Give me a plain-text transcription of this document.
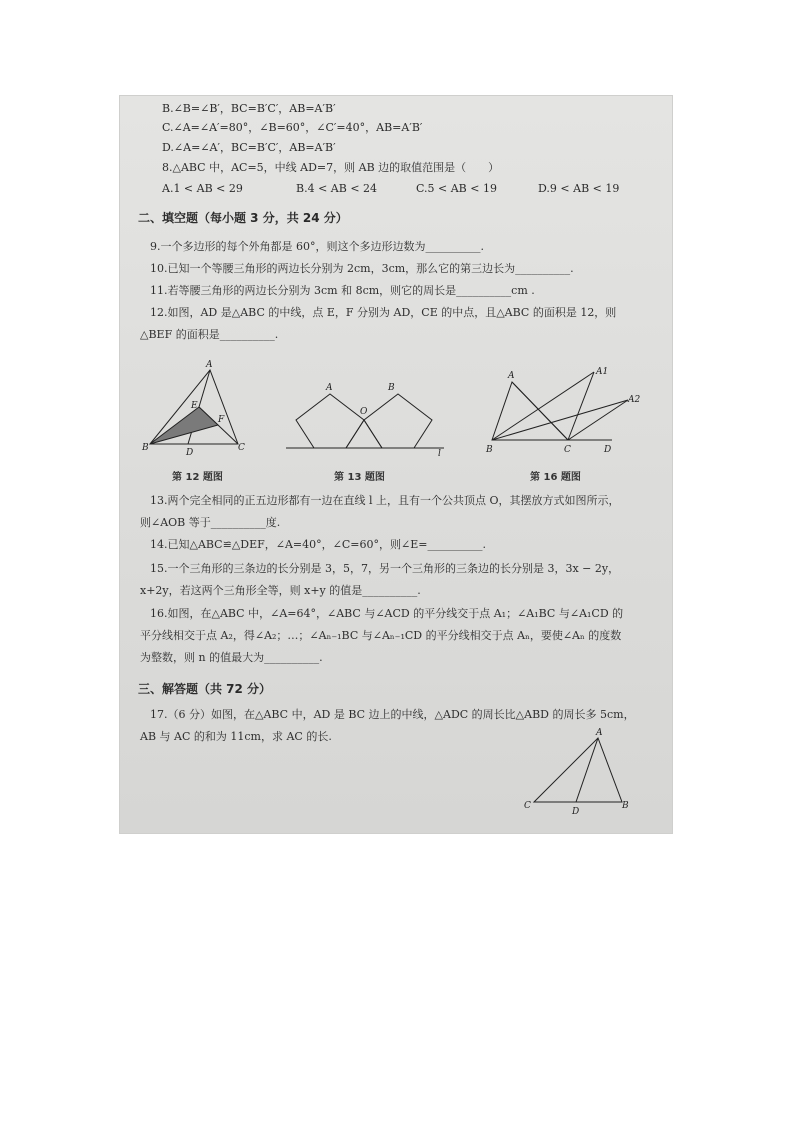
B.∠B=∠B′，BC=B′C′，AB=A′B′
C.∠A=∠A′=80°，∠B=60°，∠C′=40°，AB=A′B′
D.∠A=∠A′，BC=B′C′，AB=A′B′
8.△ABC 中，AC=5，中线 AD=7，则 AB 边的取值范围是（　　）
A.1 < AB < 29	B.4 < AB < 24	C.5 < AB < 19	D.9 < AB < 19
二、填空题（每小题 3 分，共 24 分）
9.一个多边形的每个外角都是 60°，则这个多边形边数为__________.
10.已知一个等腰三角形的两边长分别为 2cm，3cm，那么它的第三边长为__________.
11.若等腰三角形的两边长分别为 3cm 和 8cm，则它的周长是__________cm .
12.如图，AD 是△ABC 的中线，点 E，F 分别为 AD，CE 的中点，且△ABC 的面积是 12，则
△BEF 的面积是__________.
A
B	C
D
E
F
第 12 题图
A	B
O
l
第 13 题图
A	A1
A2
B	C	D
第 16 题图
13.两个完全相同的正五边形都有一边在直线 l 上，且有一个公共顶点 O，其摆放方式如图所示，
则∠AOB 等于__________度.
14.已知△ABC≌△DEF，∠A=40°，∠C=60°，则∠E=__________.
15.一个三角形的三条边的长分别是 3，5，7，另一个三角形的三条边的长分别是 3，3x − 2y，
x+2y，若这两个三角形全等，则 x+y 的值是__________.
16.如图，在△ABC 中，∠A=64°，∠ABC 与∠ACD 的平分线交于点 A₁；∠A₁BC 与∠A₁CD 的
平分线相交于点 A₂，得∠A₂；…；∠Aₙ₋₁BC 与∠Aₙ₋₁CD 的平分线相交于点 Aₙ，要使∠Aₙ 的度数
为整数，则 n 的值最大为__________.
三、解答题（共 72 分）
17.（6 分）如图，在△ABC 中，AD 是 BC 边上的中线，△ADC 的周长比△ABD 的周长多 5cm，
AB 与 AC 的和为 11cm，求 AC 的长.	A
C
D
B
